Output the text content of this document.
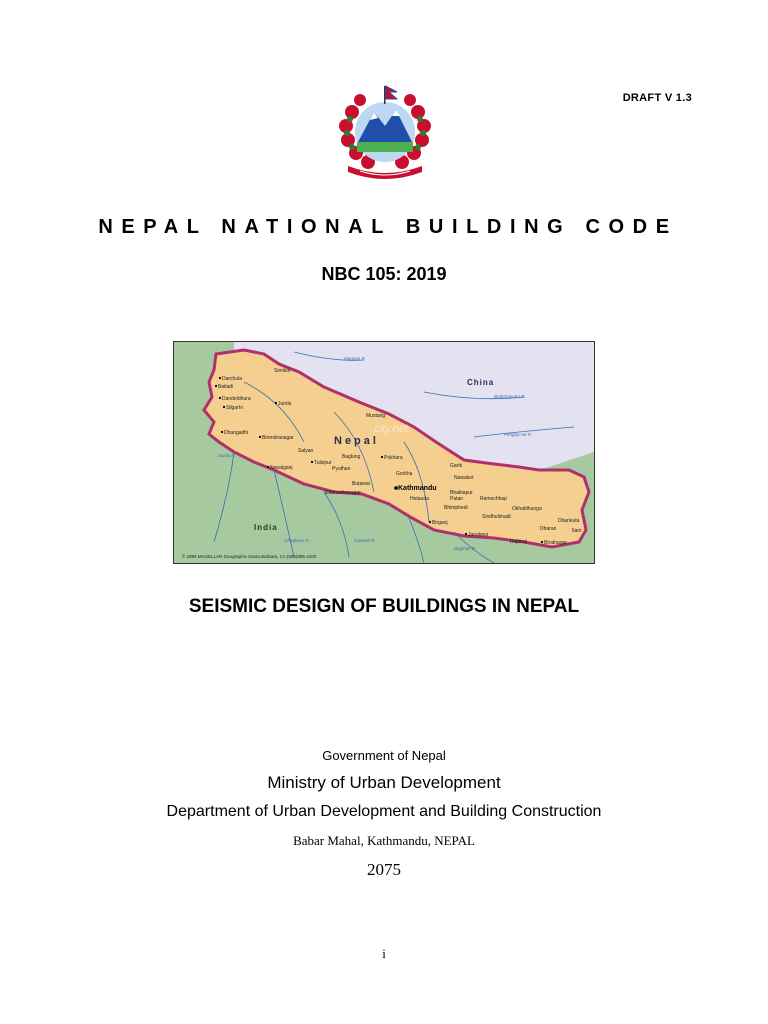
DRAFT V 1.3
NEPAL NATIONAL BUILDING CODE
NBC 105: 2019
China
India
Nepal
Kathmandu
Darchula
Baitadi
Dandeldhura
Silgarhi
Dhangadhi
Jumla
Simikot
Birendranagar
Salyan
Nepalganj
Tulsipur
Pyuthan
Baglung	Pokhara
Gorkha
Butawal
Siddharthanagar
Hetauda
Birganj
Bhaktapur
Patan
Bhimphedi
Ramechhap
Okhaldhunga
Sindhulimadi
Janakpur
Rajbiraj	Biratnagar
Dhankuta
Dharan	Ilam
Mustang
Garhi
Nawakot
Maquan R.
Brahmaputra R.
Pengqu He R.
Sarda R.
Ghaghara R.	Gandak R.
Bagmati R.
city.net
© 1996 MAGELLAN Geographix Santa Barbara, CA (805)685-3100
SEISMIC DESIGN OF BUILDINGS IN NEPAL
Government of Nepal
Ministry of Urban Development
Department of Urban Development and Building Construction
Babar Mahal, Kathmandu, NEPAL
2075
i
